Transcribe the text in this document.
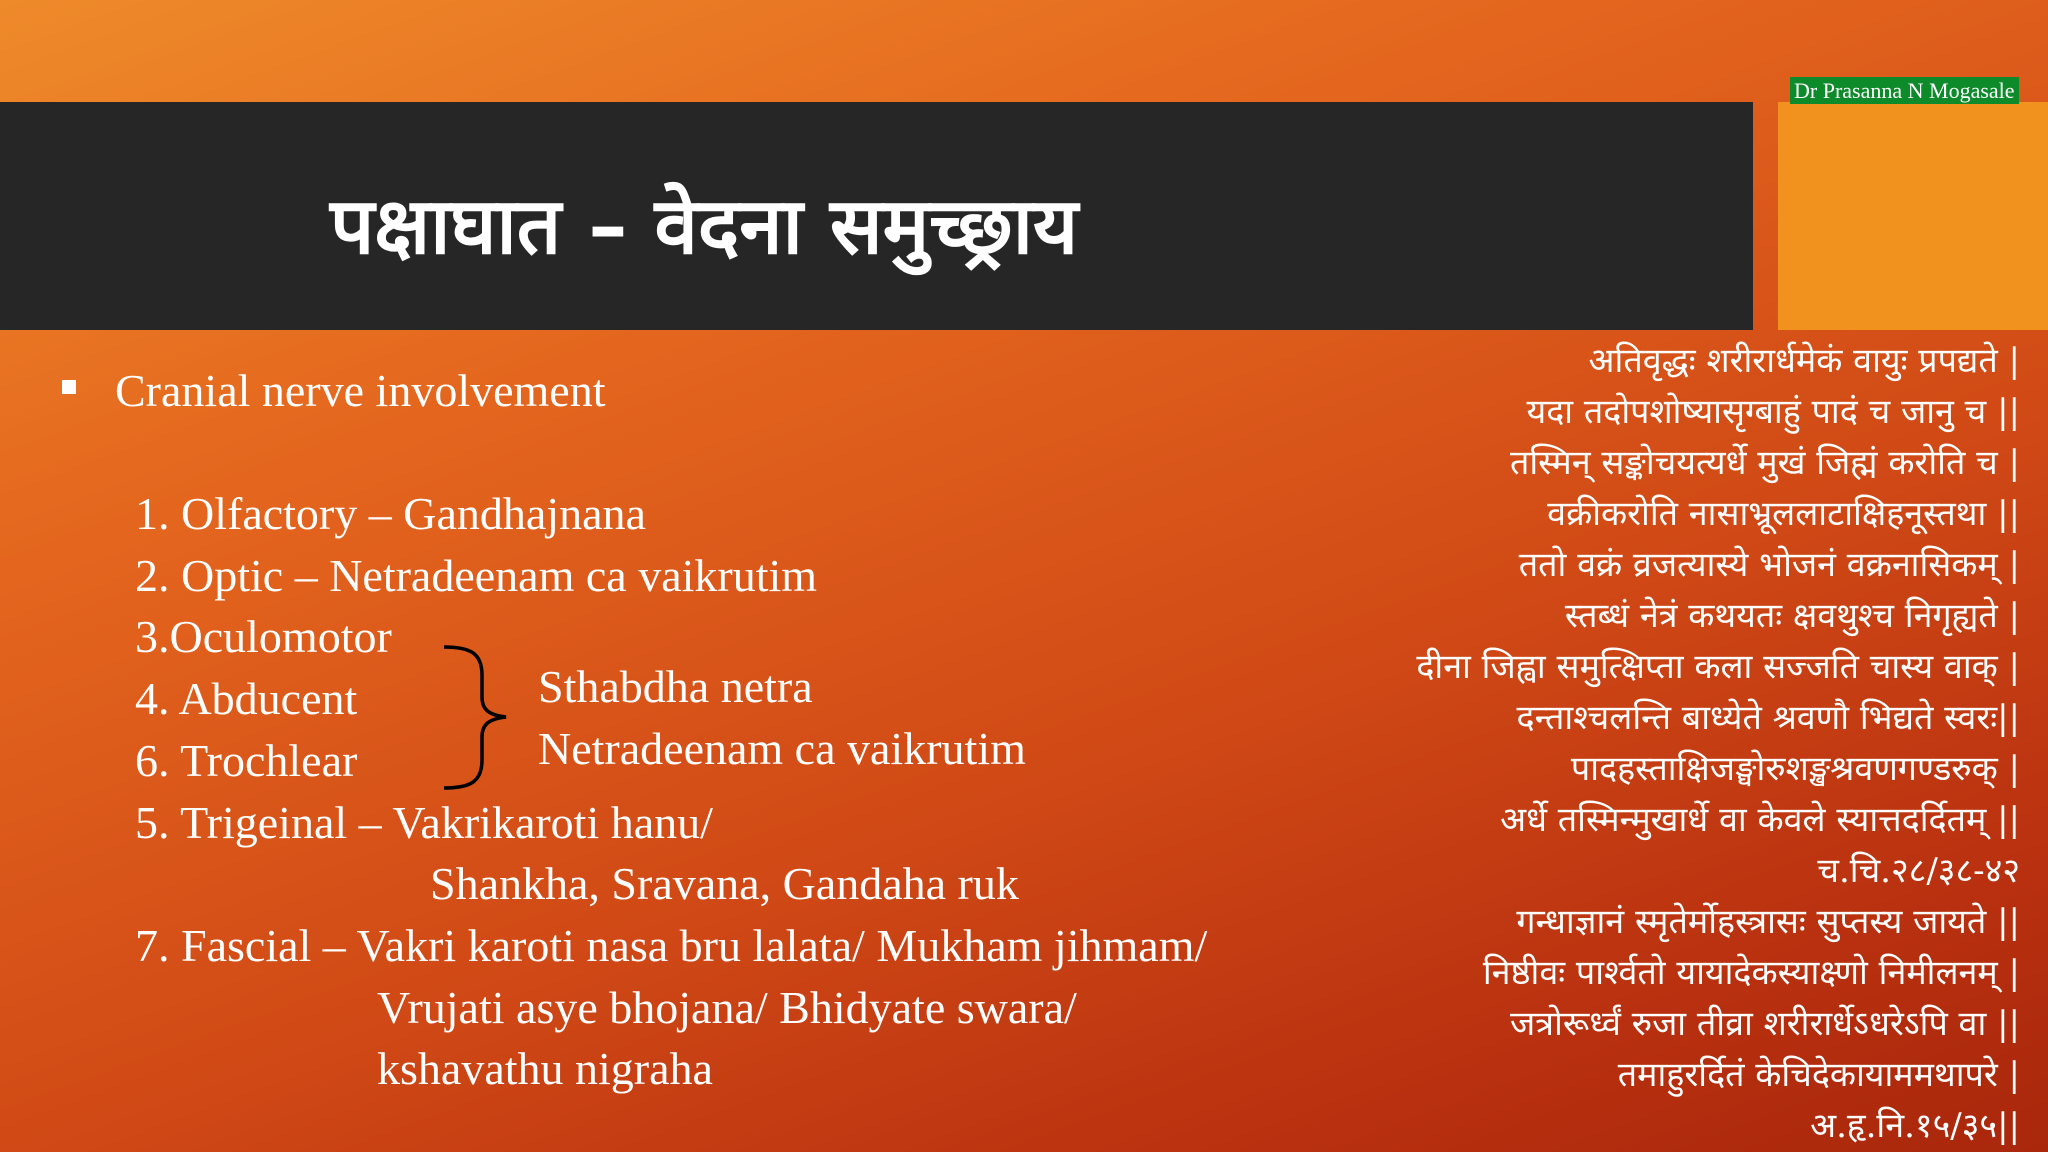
पक्षाघात – वेदना समुच्छ्राय
Dr Prasanna N Mogasale
Cranial nerve involvement
1. Olfactory – Gandhajnana
2. Optic – Netradeenam ca vaikrutim
3.Oculomotor
4. Abducent
6. Trochlear
Sthabdha netra
Netradeenam ca vaikrutim
5. Trigeinal – Vakrikaroti hanu/
Shankha, Sravana, Gandaha ruk
7. Fascial – Vakri karoti nasa bru lalata/ Mukham jihmam/
Vrujati asye bhojana/ Bhidyate swara/
kshavathu nigraha
अतिवृद्धः शरीरार्धमेकं वायुः प्रपद्यते |
यदा तदोपशोष्यासृग्बाहुं पादं च जानु च ||
तस्मिन् सङ्कोचयत्यर्धे मुखं जिह्मं करोति च |
वक्रीकरोति नासाभ्रूललाटाक्षिहनूस्तथा ||
ततो वक्रं व्रजत्यास्ये भोजनं वक्रनासिकम् |
स्तब्धं नेत्रं कथयतः क्षवथुश्च निगृह्यते |
दीना जिह्वा समुत्क्षिप्ता कला सज्जति चास्य वाक् |
दन्ताश्चलन्ति बाध्येते श्रवणौ भिद्यते स्वरः||
पादहस्ताक्षिजङ्घोरुशङ्खश्रवणगण्डरुक् |
अर्धे तस्मिन्मुखार्धे वा केवले स्यात्तदर्दितम् ||
च.चि.२८/३८-४२
गन्धाज्ञानं स्मृतेर्मोहस्त्रासः सुप्तस्य जायते ||
निष्ठीवः पार्श्वतो यायादेकस्याक्ष्णो निमीलनम् |
जत्रोरूर्ध्वं रुजा तीव्रा शरीरार्धेऽधरेऽपि वा ||
तमाहुरर्दितं केचिदेकायाममथापरे |
अ.हृ.नि.१५/३५||
